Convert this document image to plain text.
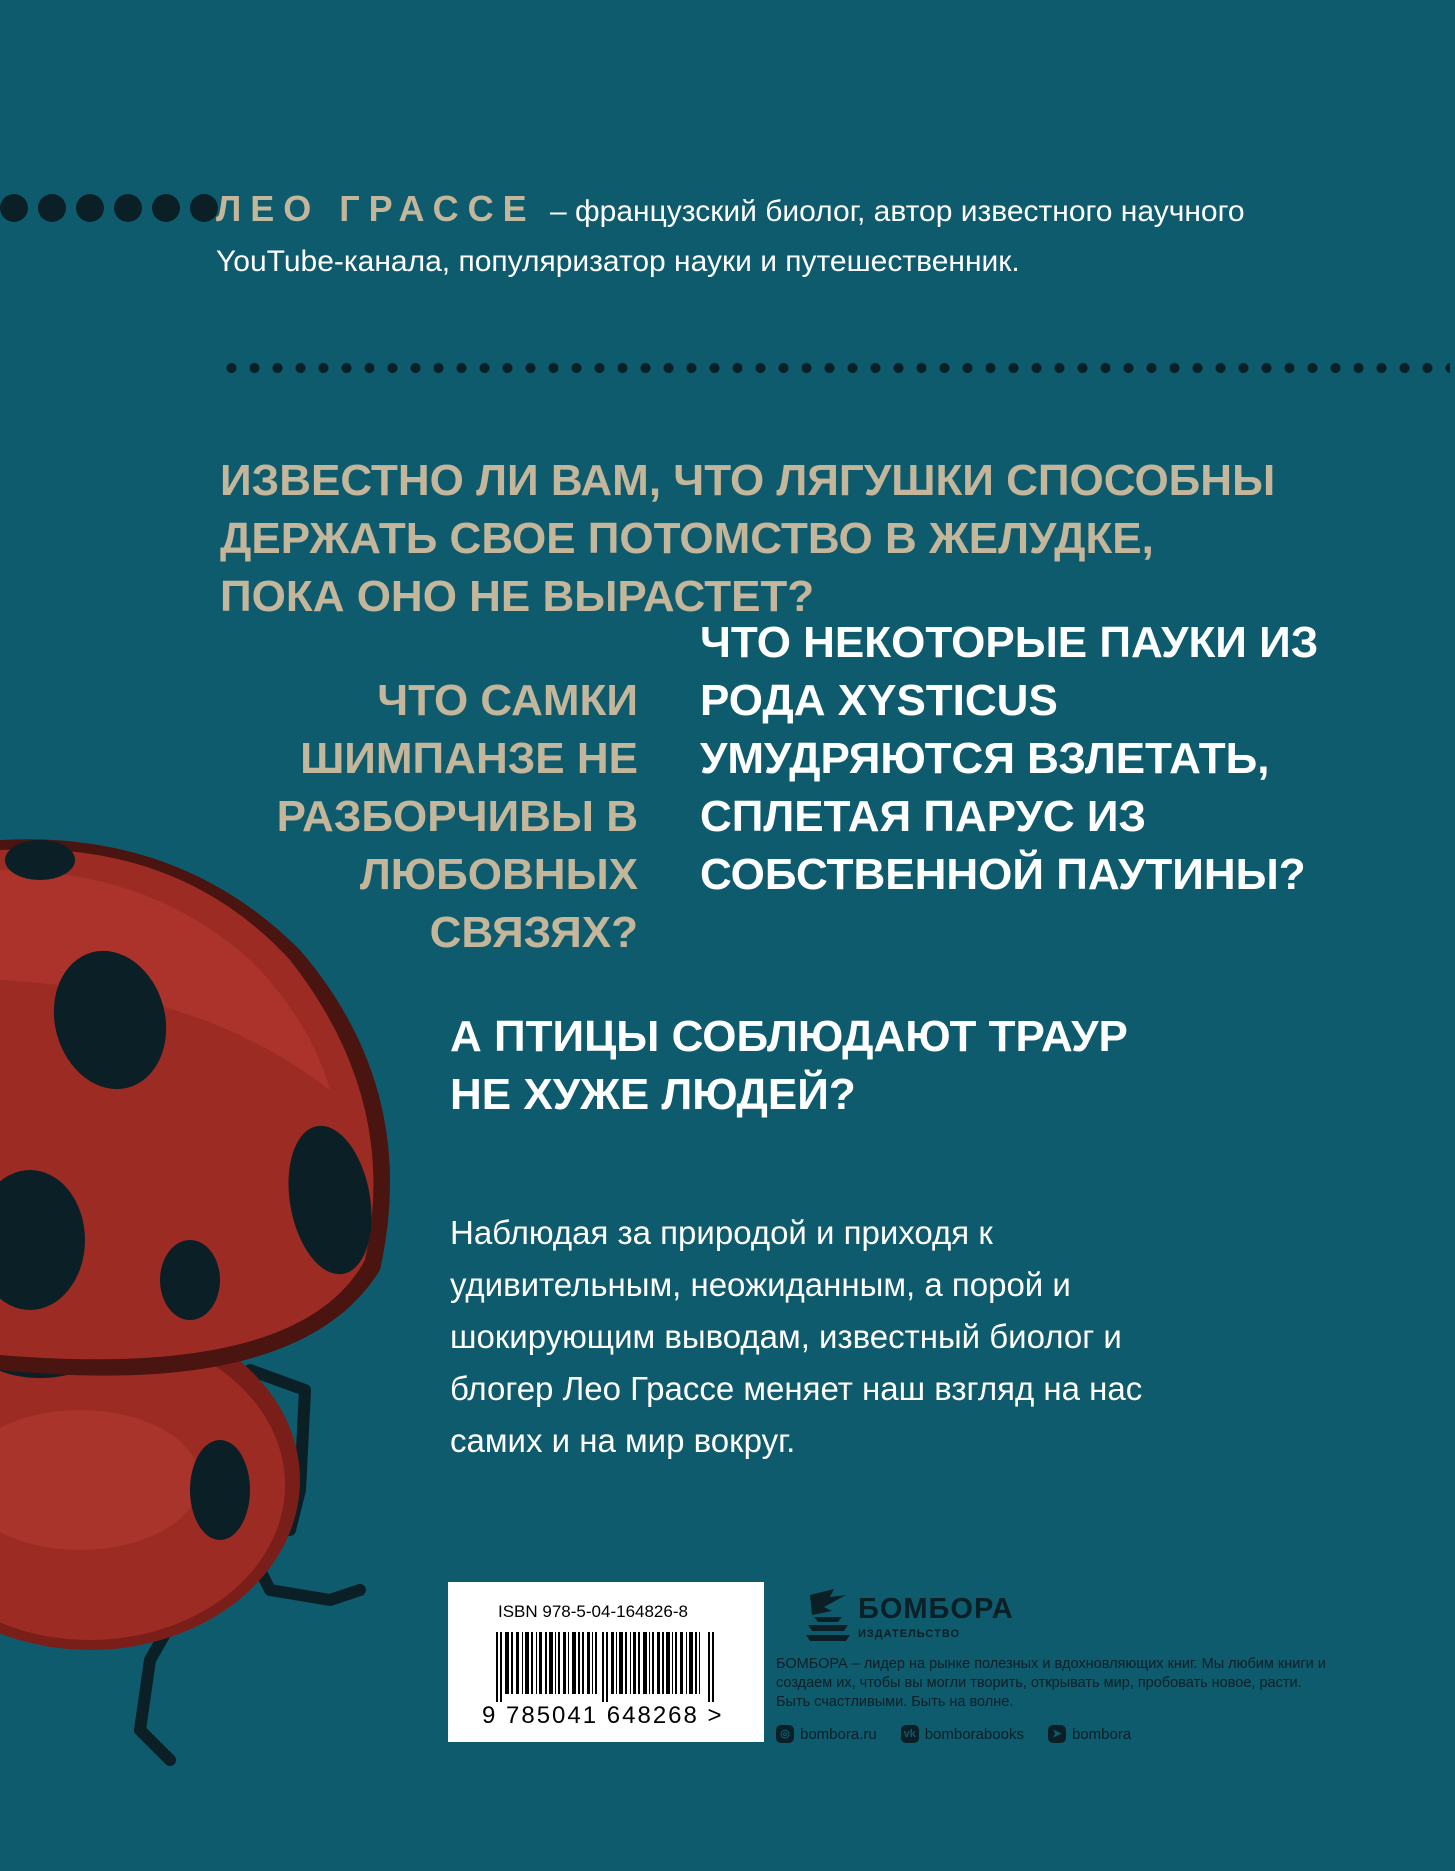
ЛЕО ГРАССЕ – французский биолог, автор известного научного YouTube-канала, популяризатор науки и путешественник.
ИЗВЕСТНО ЛИ ВАМ, ЧТО ЛЯГУШКИ СПОСОБНЫ ДЕРЖАТЬ СВОЕ ПОТОМСТВО В ЖЕЛУДКЕ, ПОКА ОНО НЕ ВЫРАСТЕТ?
ЧТО САМКИ ШИМПАНЗЕ НЕ РАЗБОРЧИВЫ В ЛЮБОВНЫХ СВЯЗЯХ?
ЧТО НЕКОТОРЫЕ ПАУКИ ИЗ РОДА XYSTICUS УМУДРЯЮТСЯ ВЗЛЕТАТЬ, СПЛЕТАЯ ПАРУС ИЗ СОБСТВЕННОЙ ПАУТИНЫ?
А ПТИЦЫ СОБЛЮДАЮТ ТРАУР НЕ ХУЖЕ ЛЮДЕЙ?
Наблюдая за природой и приходя к удивительным, неожиданным, а порой и шокирующим выводам, известный биолог и блогер Лео Грассе меняет наш взгляд на нас самих и на мир вокруг.
ISBN 978-5-04-164826-8
9 785041 648268 >
БОМБОРА
ИЗДАТЕЛЬСТВО
БОМБОРА – лидер на рынке полезных и вдохновляющих книг. Мы любим книги и создаем их, чтобы вы могли творить, открывать мир, пробовать новое, расти. Быть счастливыми. Быть на волне.
◎ bombora.ru vk bomborabooks	➤ bombora
